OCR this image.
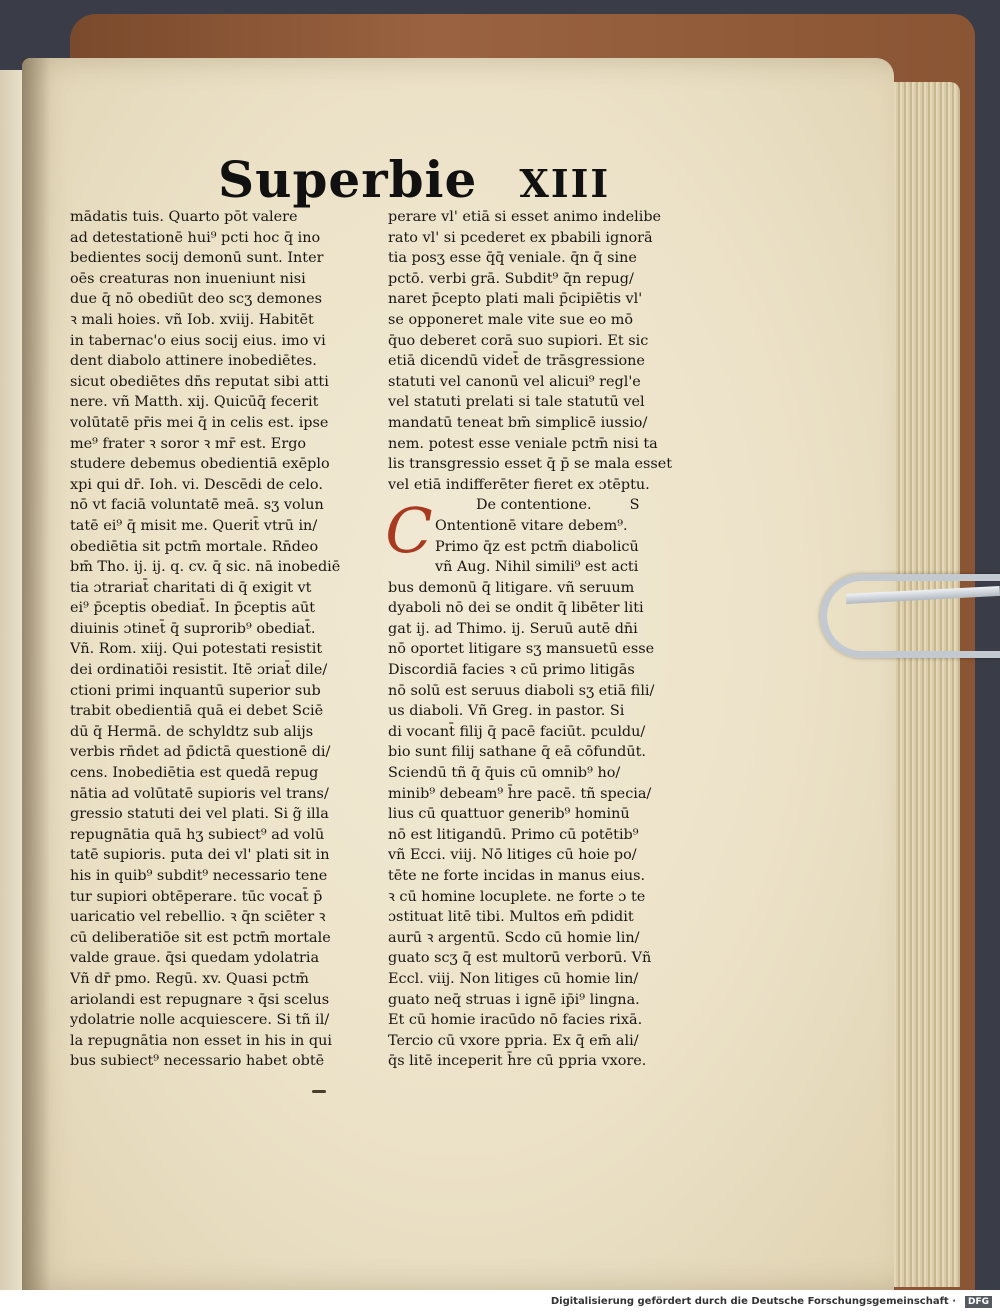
Superbie XIII
mādatis tuis. Quarto pōt valere
ad detestationē hui⁹ pcti hoc q̄ ino
bedientes socij demonū sunt. Inter
oēs creaturas non inueniunt nisi
due q̄ nō obediūt deo scʒ demones
ꝛ mali hoies. vñ Iob. xviij. Habitēt
in tabernac'o eius socij eius. imo vi
dent diabolo attinere inobediētes.
sicut obediētes dn̄s reputat sibi atti
nere. vñ Matth. xij. Quicūq̄ fecerit
volūtatē pr̄is mei q̄ in celis est. ipse
me⁹ frater ꝛ soror ꝛ mr̄ est. Ergo
studere debemus obedientiā exēplo
xpi qui dr̄. Ioh. vi. Descēdi de celo.
nō vt faciā voluntatē meā. sʒ volun
tatē ei⁹ q̄ misit me. Querit̄ vtrū in/
obediētia sit pctm̄ mortale. Rn̄deo
bm̄ Tho. ij. ij. q. cv. q̄ sic. nā inobediē
tia ɔtrariat̄ charitati di q̄ exigit vt
ei⁹ p̄ceptis obediat̄. In p̄ceptis aūt
diuinis ɔtinet̄ q̄ suprorib⁹ obediat̄.
Vñ. Rom. xiij. Qui potestati resistit
dei ordinatiōi resistit. Itē ɔriat̄ dile/
ctioni primi inquantū superior sub
trabit obedientiā quā ei debet Sciē
dū q̄ Hermā. de schyldtz sub alijs
verbis rn̄det ad p̄dictā questionē di/
cens. Inobediētia est quedā repug
nātia ad volūtatē supioris vel trans/
gressio statuti dei vel plati. Si g̃ illa
repugnātia quā hʒ subiect⁹ ad volū
tatē supioris. puta dei vl' plati sit in
his in quib⁹ subdit⁹ necessario tene
tur supiori obtēperare. tūc vocat̄ p̄
uaricatio vel rebellio. ꝛ q̄n sciēter ꝛ
cū deliberatiōe sit est pctm̄ mortale
valde graue. q̄si quedam ydolatria
Vñ dr̄ pmo. Regū. xv. Quasi pctm̄
ariolandi est repugnare ꝛ q̄si scelus
ydolatrie nolle acquiescere. Si tñ il/
la repugnātia non esset in his in qui
bus subiect⁹ necessario habet obtē
perare vl' etiā si esset animo indelibe
rato vl' si pcederet ex pbabili ignorā
tia posʒ esse q̄q̄ veniale. q̄n q̄ sine
pctō. verbi grā. Subdit⁹ q̄n repug/
naret p̄cepto plati mali p̄cipiētis vl'
se opponeret male vite sue eo mō
q̄uo deberet corā suo supiori. Et sic
etiā dicendū videt̄ de trāsgressione
statuti vel canonū vel alicui⁹ regl'e
vel statuti prelati si tale statutū vel
mandatū teneat bm̄ simplicē iussio/
nem. potest esse veniale pctm̄ nisi ta
lis transgressio esset q̄ p̄ se mala esset
vel etiā indifferēter fieret ex ɔtēptu.
De contentione.	S
Ontentionē vitare debem⁹.
Primo q̄z est pctm̄ diabolicū
vñ Aug. Nihil simili⁹ est acti
bus demonū q̄ litigare. vñ seruum
dyaboli nō dei se ondit q̄ libēter liti
gat ij. ad Thimo. ij. Seruū autē dn̄i
nō oportet litigare sʒ mansuetū esse
Discordiā facies ꝛ cū primo litigās
nō solū est seruus diaboli sʒ etiā fili/
us diaboli. Vñ Greg. in pastor. Si
di vocant̄ filij q̄ pacē faciūt. pculdu/
bio sunt filij sathane q̄ eā cōfundūt.
Sciendū tñ q̄ q̄uis cū omnib⁹ ho/
minib⁹ debeam⁹ h̄re pacē. tñ specia/
lius cū quattuor generib⁹ hominū
nō est litigandū. Primo cū potētib⁹
vñ Ecci. viij. Nō litiges cū hoie po/
tēte ne forte incidas in manus eius.
ꝛ cū homine locuplete. ne forte ɔ te
ɔstituat litē tibi. Multos em̄ pdidit
aurū ꝛ argentū. Scdo cū homie lin/
guato scʒ q̄ est multorū verborū. Vñ
Eccl. viij. Non litiges cū homie lin/
guato neq̄ struas i ignē ip̄i⁹ lingna.
Et cū homie iracūdo nō facies rixā.
Tercio cū vxore ppria. Ex q̄ em̄ ali/
q̄s litē inceperit h̄re cū ppria vxore.
C
Digitalisierung gefördert durch die Deutsche Forschungsgemeinschaft ·	DFG
